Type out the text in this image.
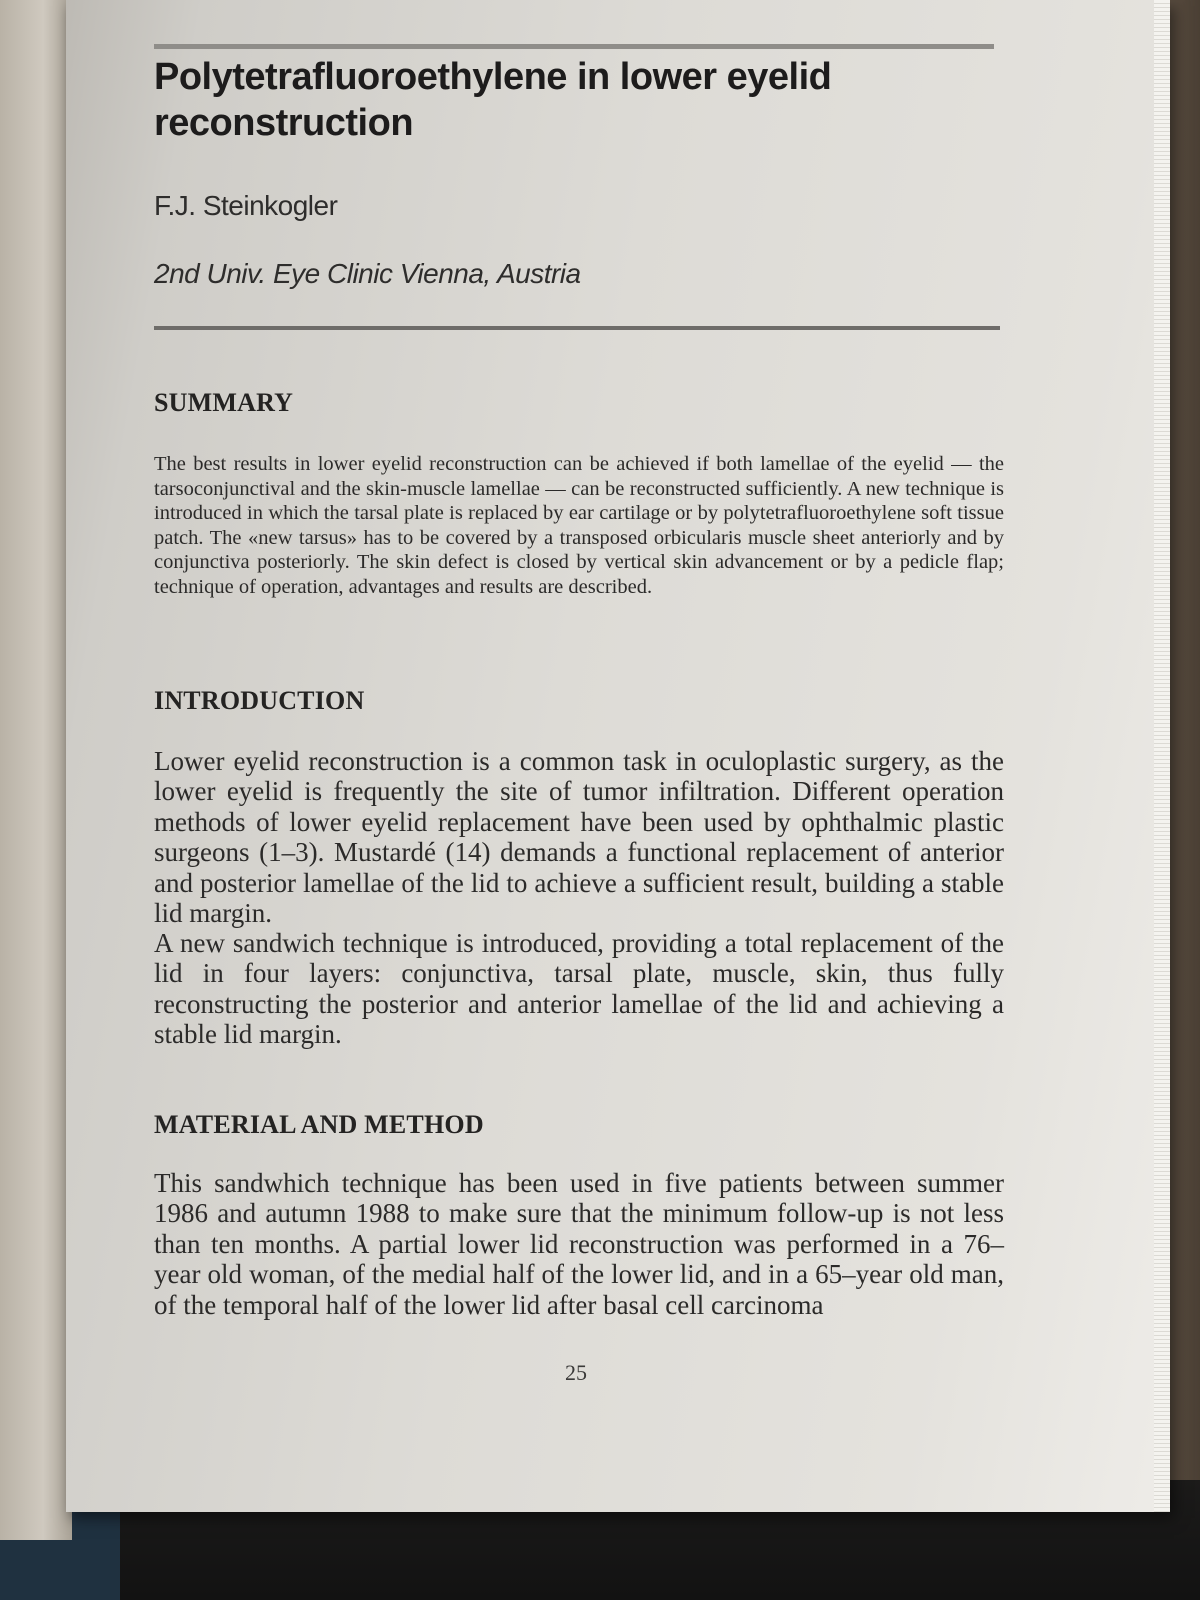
Polytetrafluoroethylene in lower eyelid reconstruction

F.J. Steinkogler

2nd Univ. Eye Clinic Vienna, Austria

SUMMARY

The best results in lower eyelid reconstruction can be achieved if both lamellae of the eyelid — the tarsoconjunctival and the skin-muscle lamellae — can be reconstructed sufficiently. A new technique is introduced in which the tarsal plate is replaced by ear cartilage or by polytetrafluoroethylene soft tissue patch. The «new tarsus» has to be covered by a transposed orbicularis muscle sheet anteriorly and by conjunctiva posteriorly. The skin defect is closed by vertical skin advancement or by a pedicle flap; technique of operation, advantages and results are described.

INTRODUCTION

Lower eyelid reconstruction is a common task in oculoplastic surgery, as the lower eyelid is frequently the site of tumor infiltration. Different operation methods of lower eyelid replacement have been used by ophthalmic plastic surgeons (1–3). Mustardé (14) demands a functional replacement of anterior and posterior lamellae of the lid to achieve a sufficient result, building a stable lid margin.

A new sandwich technique is introduced, providing a total replacement of the lid in four layers: conjunctiva, tarsal plate, muscle, skin, thus fully reconstructing the posterior and anterior lamellae of the lid and achieving a stable lid margin.

MATERIAL AND METHOD

This sandwhich technique has been used in five patients between summer 1986 and autumn 1988 to make sure that the minimum follow-up is not less than ten months. A partial lower lid reconstruction was performed in a 76–year old woman, of the medial half of the lower lid, and in a 65–year old man, of the temporal half of the lower lid after basal cell carcinoma

25
